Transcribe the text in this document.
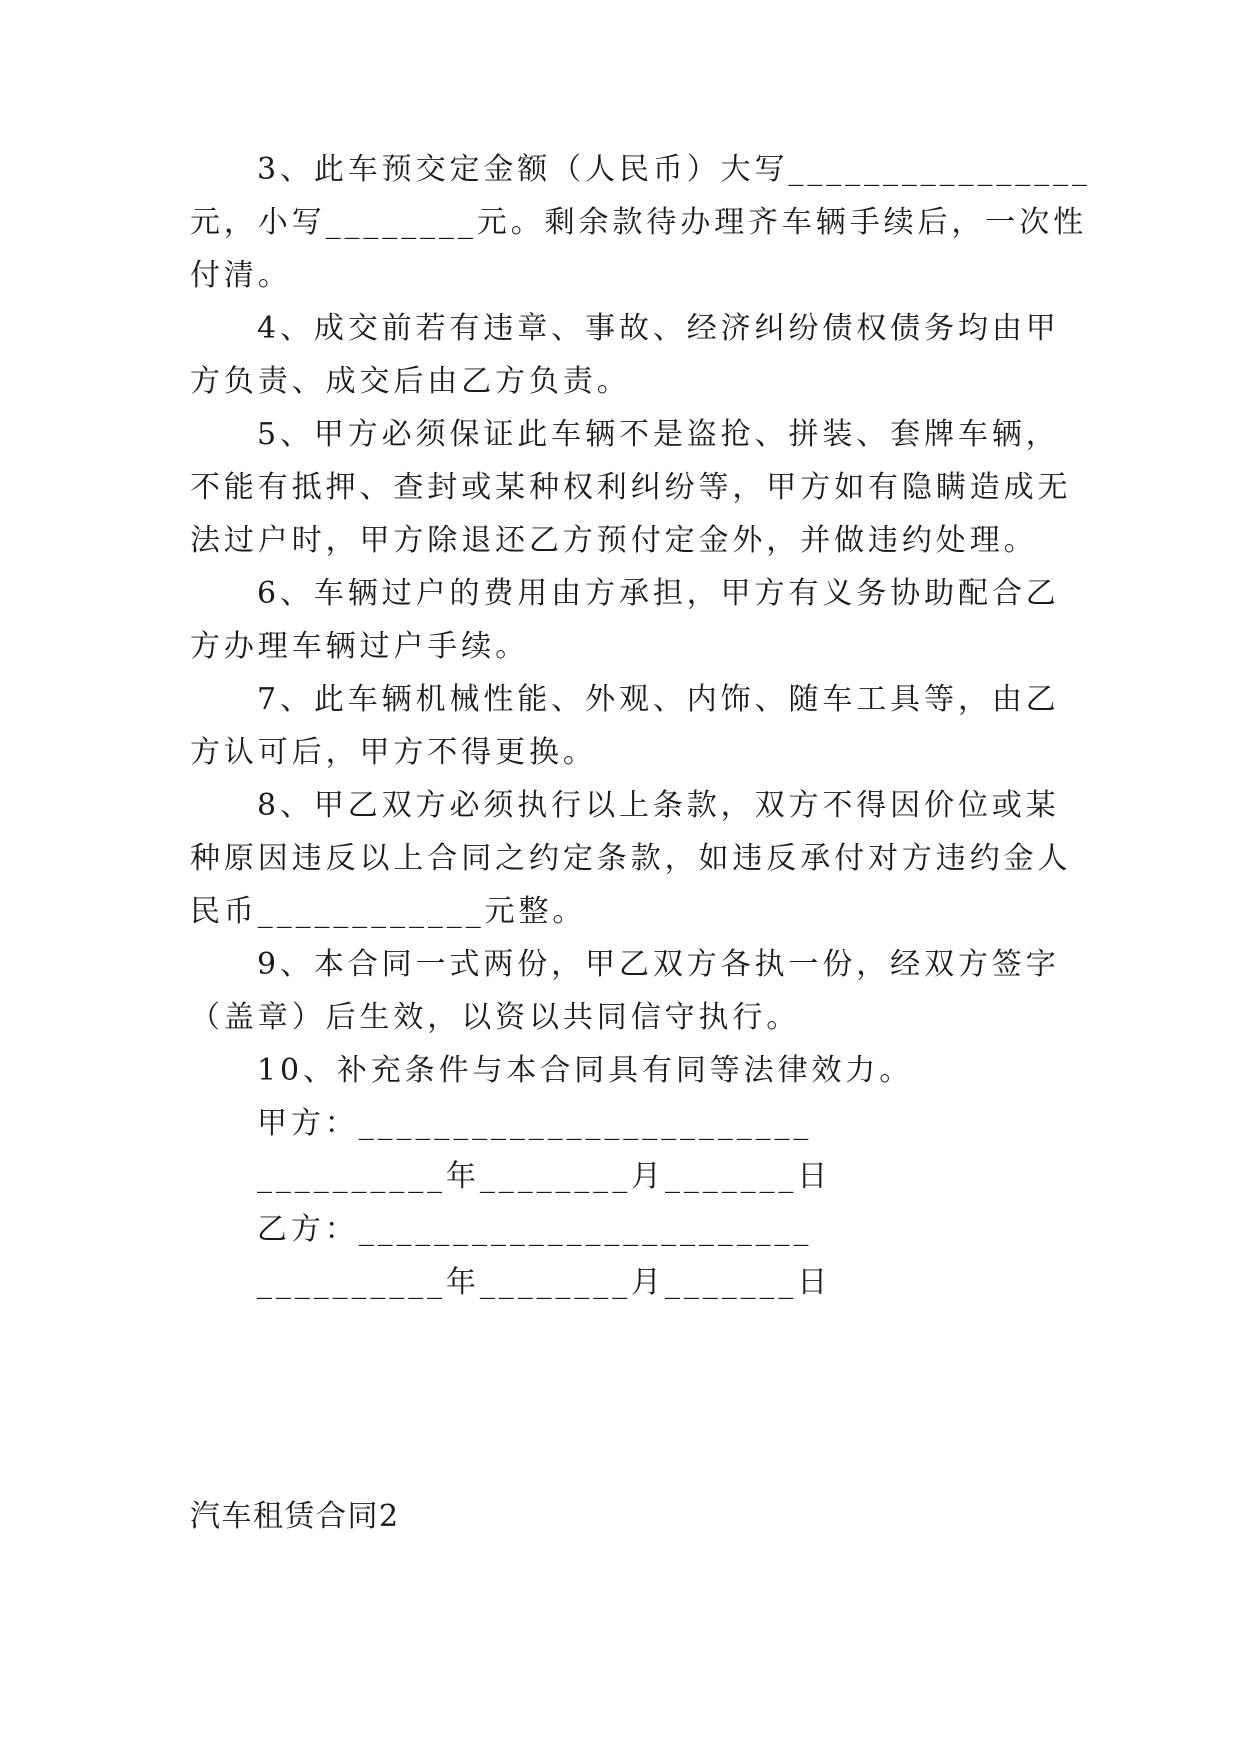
3、此车预交定金额（人民币）大写________________
元，小写________元。剩余款待办理齐车辆手续后，一次性
付清。
4、成交前若有违章、事故、经济纠纷债权债务均由甲
方负责、成交后由乙方负责。
5、甲方必须保证此车辆不是盗抢、拼装、套牌车辆，
不能有抵押、查封或某种权利纠纷等，甲方如有隐瞒造成无
法过户时，甲方除退还乙方预付定金外，并做违约处理。
6、车辆过户的费用由方承担，甲方有义务协助配合乙
方办理车辆过户手续。
7、此车辆机械性能、外观、内饰、随车工具等，由乙
方认可后，甲方不得更换。
8、甲乙双方必须执行以上条款，双方不得因价位或某
种原因违反以上合同之约定条款，如违反承付对方违约金人
民币____________元整。
9、本合同一式两份，甲乙双方各执一份，经双方签字
（盖章）后生效，以资以共同信守执行。
10、补充条件与本合同具有同等法律效力。
甲方：________________________
__________年________月_______日
乙方：________________________
__________年________月_______日
汽车租赁合同2
